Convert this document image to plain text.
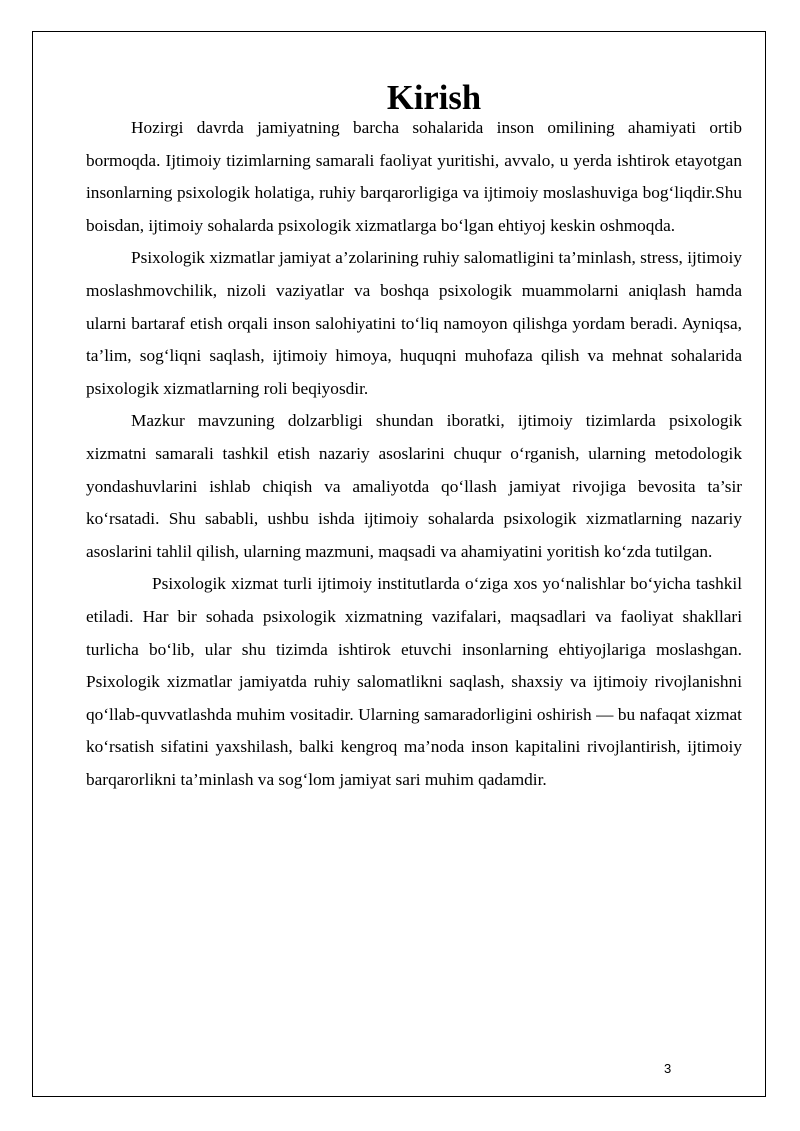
Kirish

Hozirgi davrda jamiyatning barcha sohalarida inson omilining ahamiyati ortib bormoqda. Ijtimoiy tizimlarning samarali faoliyat yuritishi, avvalo, u yerda ishtirok etayotgan insonlarning psixologik holatiga, ruhiy barqarorligiga va ijtimoiy moslashuviga bog‘liqdir.Shu boisdan, ijtimoiy sohalarda psixologik xizmatlarga bo‘lgan ehtiyoj keskin oshmoqda.

Psixologik xizmatlar jamiyat a’zolarining ruhiy salomatligini ta’minlash, stress, ijtimoiy moslashmovchilik, nizoli vaziyatlar va boshqa psixologik muammolarni aniqlash hamda ularni bartaraf etish orqali inson salohiyatini to‘liq namoyon qilishga yordam beradi. Ayniqsa, ta’lim, sog‘liqni saqlash, ijtimoiy himoya, huquqni muhofaza qilish va mehnat sohalarida psixologik xizmatlarning roli beqiyosdir.

Mazkur mavzuning dolzarbligi shundan iboratki, ijtimoiy tizimlarda psixologik xizmatni samarali tashkil etish nazariy asoslarini chuqur o‘rganish, ularning metodologik yondashuvlarini ishlab chiqish va amaliyotda qo‘llash jamiyat rivojiga bevosita ta’sir ko‘rsatadi. Shu sababli, ushbu ishda ijtimoiy sohalarda psixologik xizmatlarning nazariy asoslarini tahlil qilish, ularning mazmuni, maqsadi va ahamiyatini yoritish ko‘zda tutilgan.

Psixologik xizmat turli ijtimoiy institutlarda o‘ziga xos yo‘nalishlar bo‘yicha tashkil etiladi. Har bir sohada psixologik xizmatning vazifalari, maqsadlari va faoliyat shakllari turlicha bo‘lib, ular shu tizimda ishtirok etuvchi insonlarning ehtiyojlariga moslashgan. Psixologik xizmatlar jamiyatda ruhiy salomatlikni saqlash, shaxsiy va ijtimoiy rivojlanishni qo‘llab-quvvatlashda muhim vositadir. Ularning samaradorligini oshirish — bu nafaqat xizmat ko‘rsatish sifatini yaxshilash, balki kengroq ma’noda inson kapitalini rivojlantirish, ijtimoiy barqarorlikni ta’minlash va sog‘lom jamiyat sari muhim qadamdir.

3
